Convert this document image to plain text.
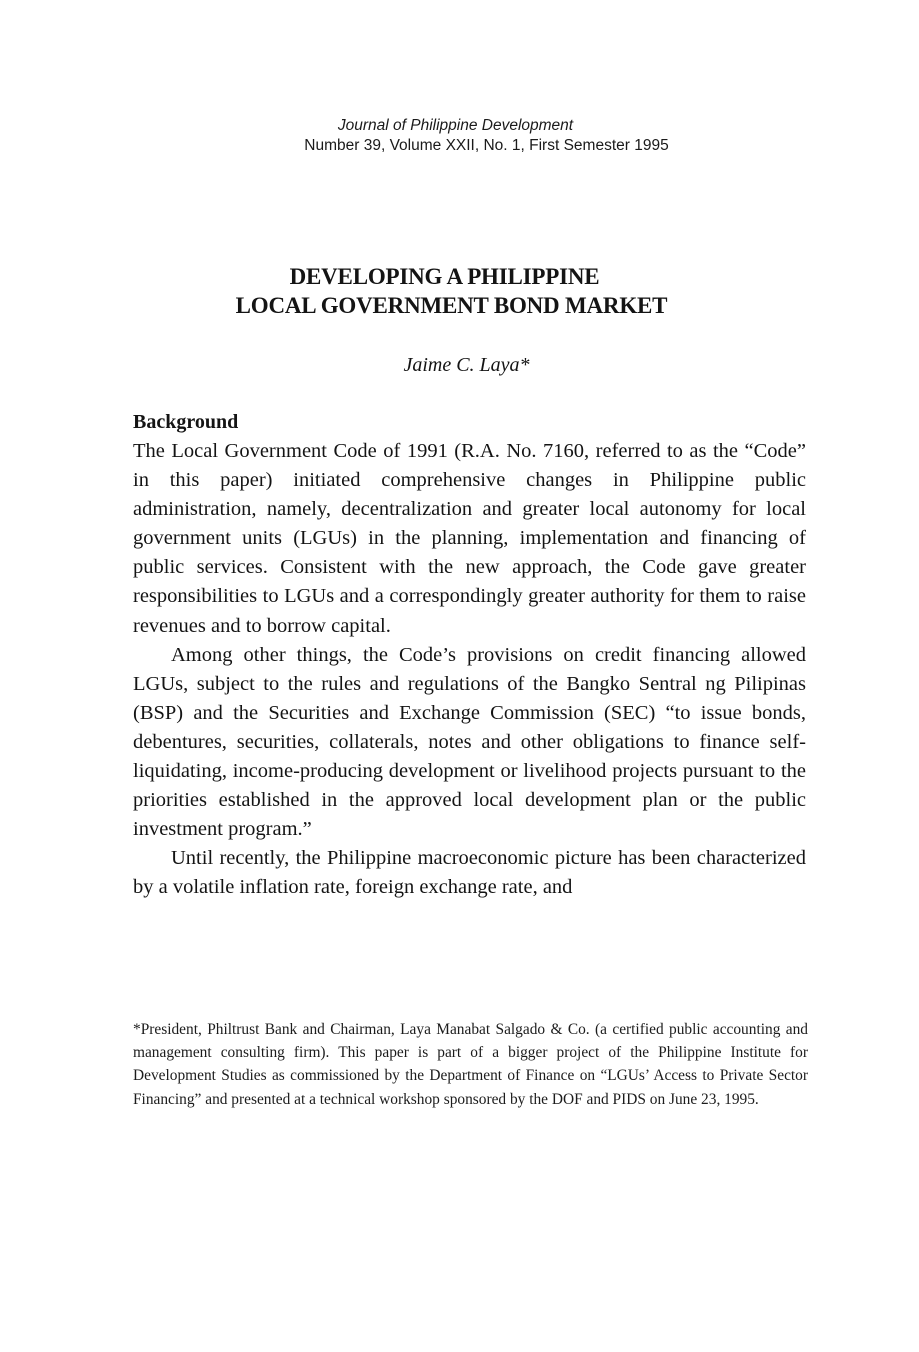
Journal of Philippine Development
Number 39, Volume XXII, No. 1, First Semester 1995
DEVELOPING A PHILIPPINE
LOCAL GOVERNMENT BOND MARKET
Jaime C. Laya*
Background

The Local Government Code of 1991 (R.A. No. 7160, referred to as the “Code” in this paper) initiated comprehensive changes in Philippine public administration, namely, decentralization and greater local autonomy for local government units (LGUs) in the planning, implementation and financing of public services. Consistent with the new approach, the Code gave greater responsibilities to LGUs and a correspondingly greater authority for them to raise revenues and to borrow capital.

Among other things, the Code’s provisions on credit financing allowed LGUs, subject to the rules and regulations of the Bangko Sentral ng Pilipinas (BSP) and the Securities and Exchange Commission (SEC) “to issue bonds, debentures, securities, collaterals, notes and other obligations to finance self-liquidating, income-producing development or livelihood projects pursuant to the priorities established in the approved local development plan or the public investment program.”

Until recently, the Philippine macroeconomic picture has been characterized by a volatile inflation rate, foreign exchange rate, and

*President, Philtrust Bank and Chairman, Laya Manabat Salgado & Co. (a certified public accounting and management consulting firm). This paper is part of a bigger project of the Philippine Institute for Development Studies as commissioned by the Department of Finance on “LGUs’ Access to Private Sector Financing” and presented at a technical workshop sponsored by the DOF and PIDS on June 23, 1995.
